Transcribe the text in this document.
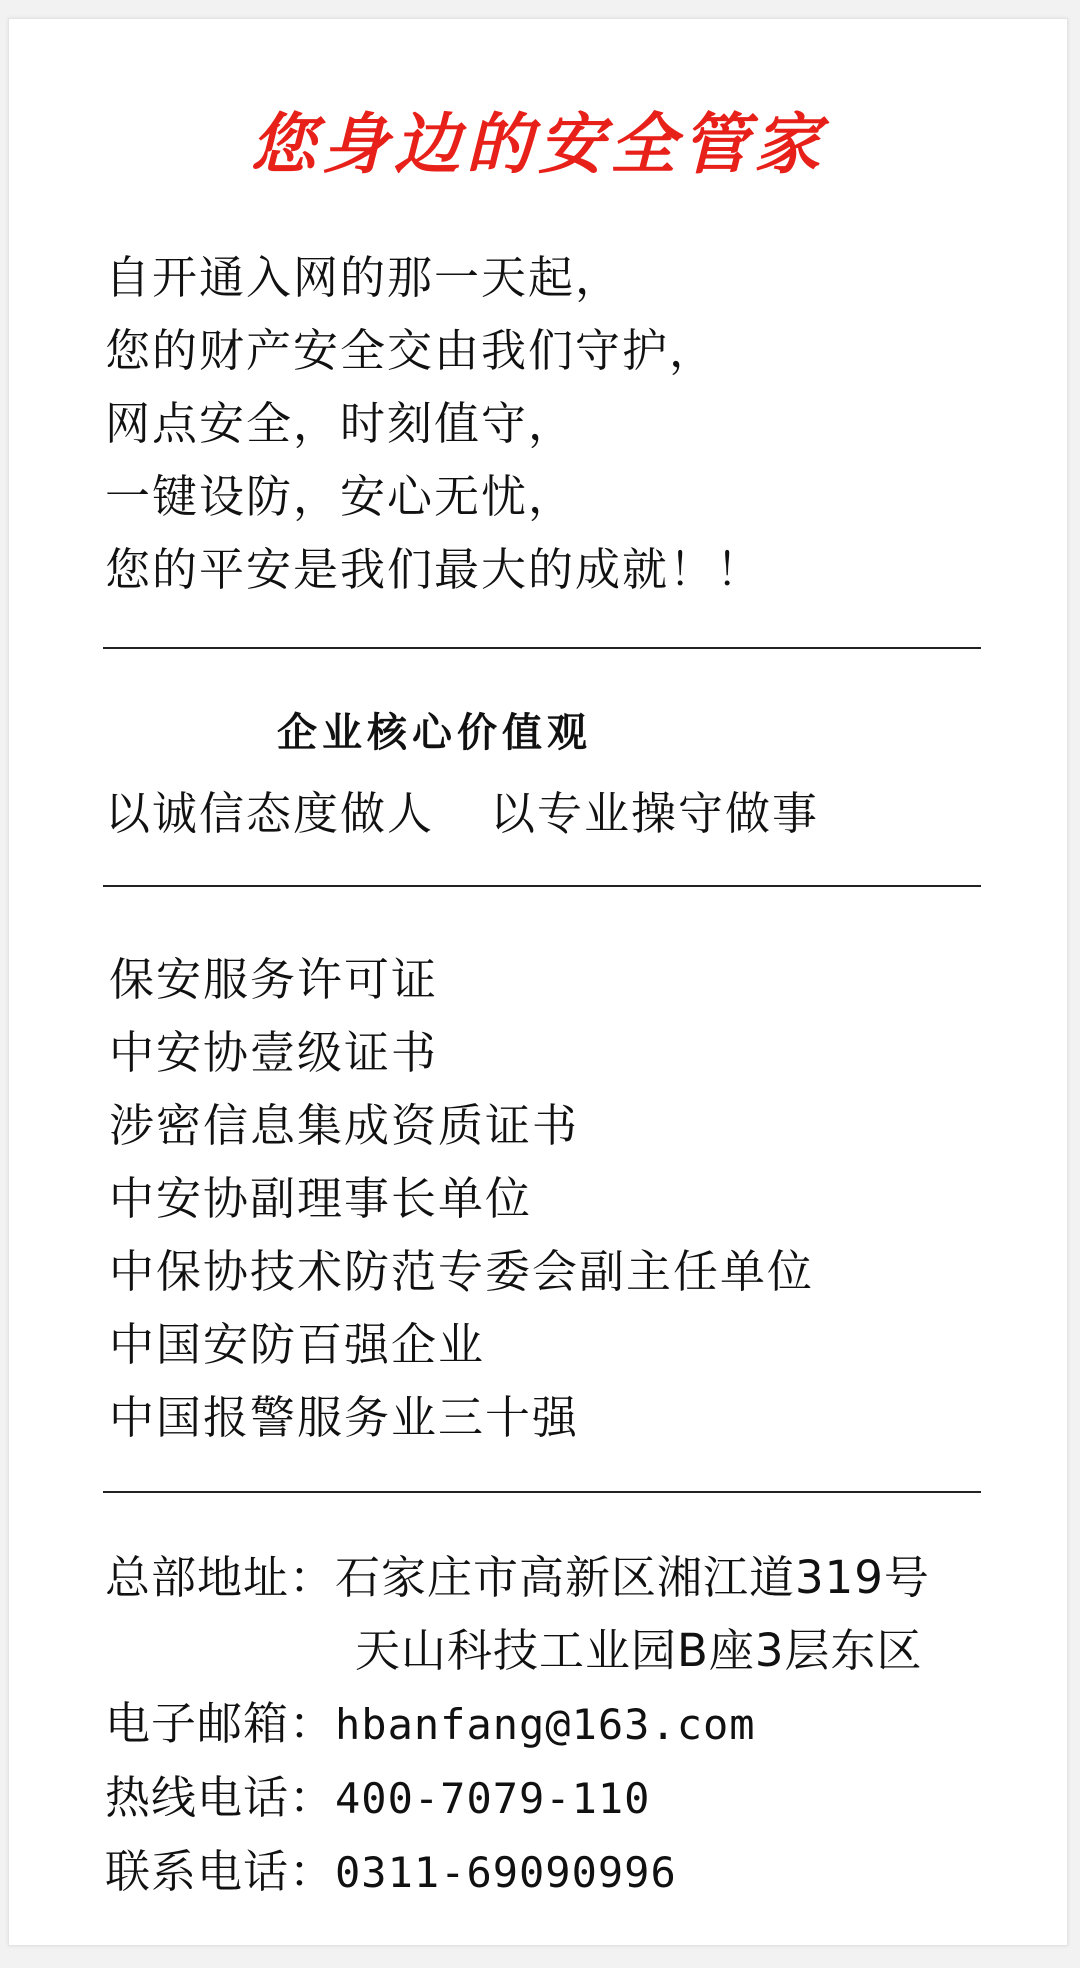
您身边的安全管家
自开通入网的那一天起，
您的财产安全交由我们守护，
网点安全，时刻值守，
一键设防，安心无忧，
您的平安是我们最大的成就！！
企业核心价值观
以诚信态度做人 以专业操守做事
保安服务许可证
中安协壹级证书
涉密信息集成资质证书
中安协副理事长单位
中保协技术防范专委会副主任单位
中国安防百强企业
中国报警服务业三十强
总部地址：石家庄市高新区湘江道319号
天山科技工业园B座3层东区
电子邮箱：hbanfang@163.com
热线电话：400-7079-110
联系电话：0311-69090996
